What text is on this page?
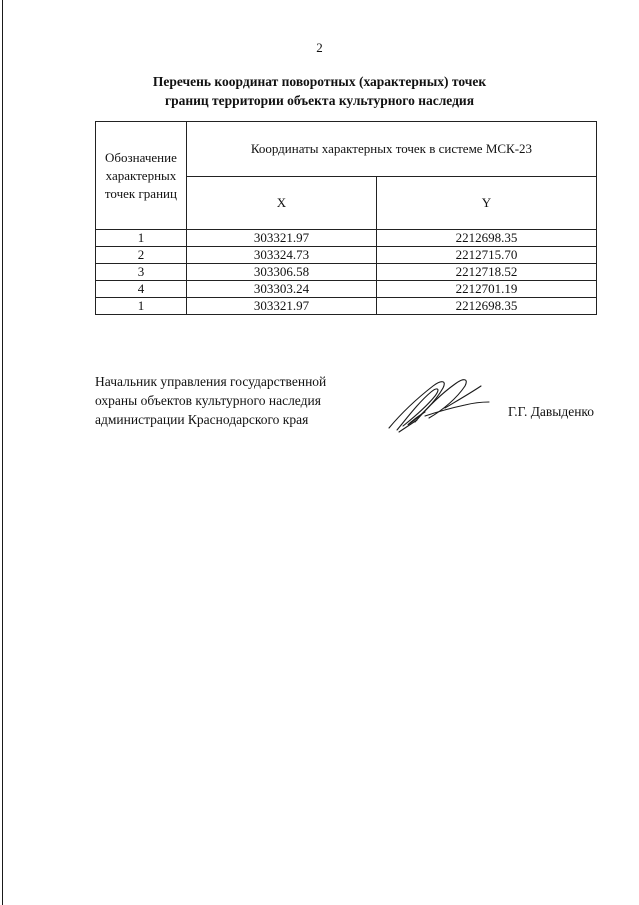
2
Перечень координат поворотных (характерных) точек
границ территории объекта культурного наследия
Обозначение
характерных
точек границ	Координаты характерных точек в системе МСК-23	
	X	Y
1	303321.97	2212698.35
2	303324.73	2212715.70
3	303306.58	2212718.52
4	303303.24	2212701.19
1	303321.97	2212698.35
Начальник управления государственной
охраны объектов культурного наследия
администрации Краснодарского края
Г.Г. Давыденко
